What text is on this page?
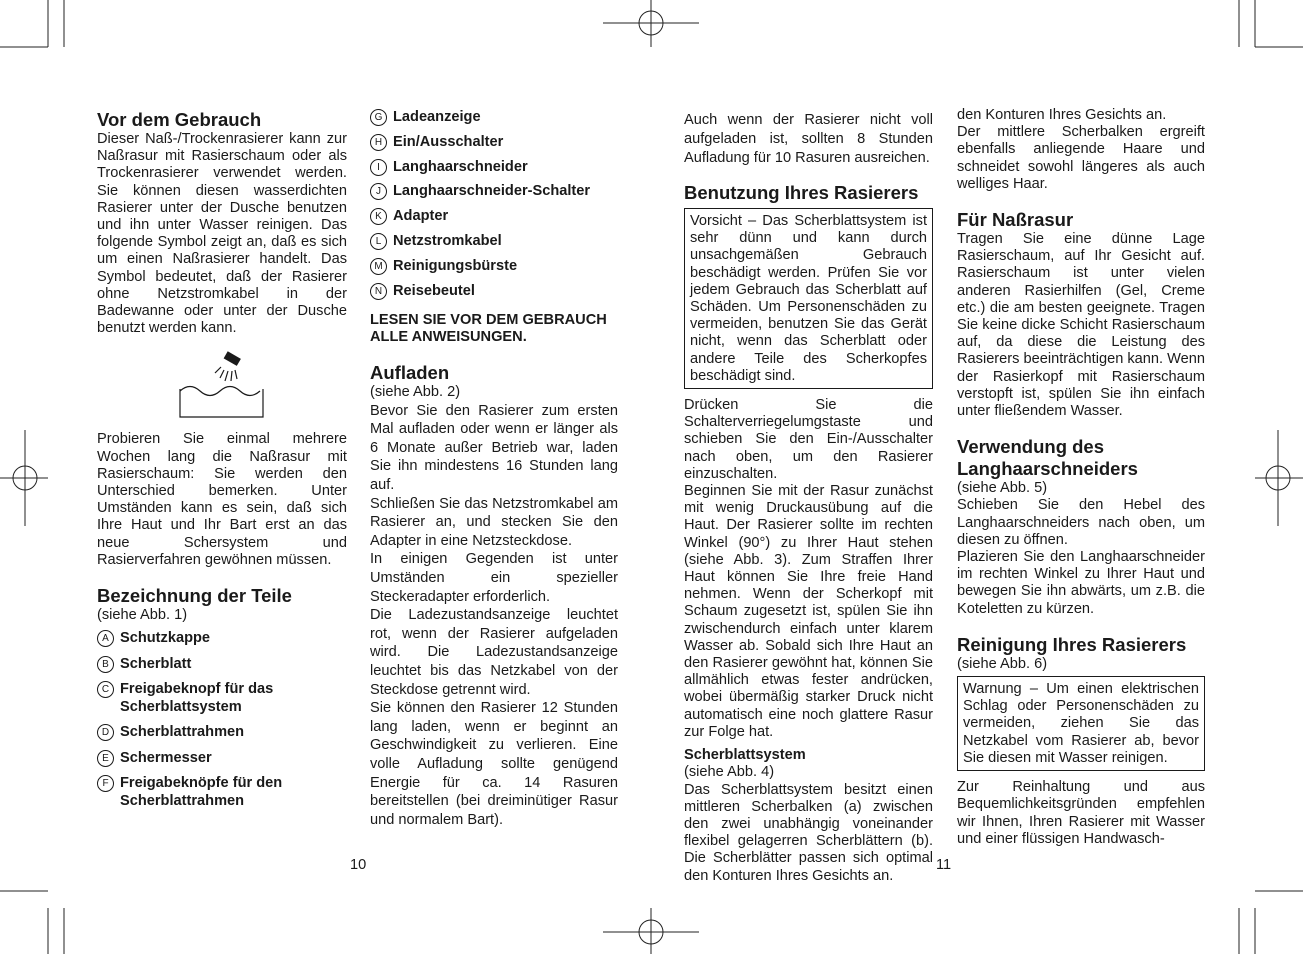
Vor dem Gebrauch

Dieser Naß-/Trockenrasierer kann zur Naßrasur mit Rasierschaum oder als Trockenrasierer verwendet werden. Sie können diesen wasserdichten Rasierer unter der Dusche benutzen und ihn unter Wasser reinigen. Das folgende Symbol zeigt an, daß es sich um einen Naßrasierer handelt. Das Symbol bedeutet, daß der Rasierer ohne Netzstromkabel in der Badewanne oder unter der Dusche benutzt werden kann.

Probieren Sie einmal mehrere Wochen lang die Naßrasur mit Rasierschaum: Sie werden den Unterschied bemerken. Unter Umständen kann es sein, daß sich Ihre Haut und Ihr Bart erst an das neue Schersystem und Rasierverfahren gewöhnen müssen.

Bezeichnung der Teile

(siehe Abb. 1)

A Schutzkappe
B Scherblatt
C Freigabeknopf für das Scherblattsystem
D Scherblattrahmen
E Schermesser
F Freigabeknöpfe für den Scherblattrahmen
G Ladeanzeige
H Ein/Ausschalter
I Langhaarschneider
J Langhaarschneider-Schalter
K Adapter
L Netzstromkabel
M Reinigungsbürste
N Reisebeutel

LESEN SIE VOR DEM GEBRAUCH ALLE ANWEISUNGEN.

Aufladen

(siehe Abb. 2)

Bevor Sie den Rasierer zum ersten Mal aufladen oder wenn er länger als 6 Monate außer Betrieb war, laden Sie ihn mindestens 16 Stunden lang auf.

Schließen Sie das Netzstromkabel am Rasierer an, und stecken Sie den Adapter in eine Netzsteckdose.

In einigen Gegenden ist unter Umständen ein spezieller Steckeradapter erforderlich.

Die Ladezustandsanzeige leuchtet rot, wenn der Rasierer aufgeladen wird. Die Ladezustandsanzeige leuchtet bis das Netzkabel von der Steckdose getrennt wird.

Sie können den Rasierer 12 Stunden lang laden, wenn er beginnt an Geschwindigkeit zu verlieren. Eine volle Aufladung sollte genügend Energie für ca. 14 Rasuren bereitstellen (bei dreiminütiger Rasur und normalem Bart).

10

Auch wenn der Rasierer nicht voll aufgeladen ist, sollten 8 Stunden Aufladung für 10 Rasuren ausreichen.

Benutzung Ihres Rasierers

Vorsicht – Das Scherblattsystem ist sehr dünn und kann durch unsachgemäßen Gebrauch beschädigt werden. Prüfen Sie vor jedem Gebrauch das Scherblatt auf Schäden. Um Personenschäden zu vermeiden, benutzen Sie das Gerät nicht, wenn das Scherblatt oder andere Teile des Scherkopfes beschädigt sind.

Drücken Sie die Schalterverriegelumgstaste und schieben Sie den Ein-/Ausschalter nach oben, um den Rasierer einzuschalten.

Beginnen Sie mit der Rasur zunächst mit wenig Druckausübung auf die Haut. Der Rasierer sollte im rechten Winkel (90°) zu Ihrer Haut stehen (siehe Abb. 3). Zum Straffen Ihrer Haut können Sie Ihre freie Hand nehmen. Wenn der Scherkopf mit Schaum zugesetzt ist, spülen Sie ihn zwischendurch einfach unter klarem Wasser ab. Sobald sich Ihre Haut an den Rasierer gewöhnt hat, können Sie allmählich etwas fester andrücken, wobei übermäßig starker Druck nicht automatisch eine noch glattere Rasur zur Folge hat.

Scherblattsystem

(siehe Abb. 4)

Das Scherblattsystem besitzt einen mittleren Scherbalken (a) zwischen den zwei unabhängig voneinander flexibel gelagerren Scherblättern (b). Die Scherblätter passen sich optimal den Konturen Ihres Gesichts an.

11

den Konturen Ihres Gesichts an.

Der mittlere Scherbalken ergreift ebenfalls anliegende Haare und schneidet sowohl längeres als auch welliges Haar.

Für Naßrasur

Tragen Sie eine dünne Lage Rasierschaum, auf Ihr Gesicht auf. Rasierschaum ist unter vielen anderen Rasierhilfen (Gel, Creme etc.) die am besten geeignete. Tragen Sie keine dicke Schicht Rasierschaum auf, da diese die Leistung des Rasierers beeinträchtigen kann. Wenn der Rasierkopf mit Rasierschaum verstopft ist, spülen Sie ihn einfach unter fließendem Wasser.

Verwendung des Langhaarschneiders

(siehe Abb. 5)

Schieben Sie den Hebel des Langhaarschneiders nach oben, um diesen zu öffnen.

Plazieren Sie den Langhaarschneider im rechten Winkel zu Ihrer Haut und bewegen Sie ihn abwärts, um z.B. die Koteletten zu kürzen.

Reinigung Ihres Rasierers

(siehe Abb. 6)

Warnung – Um einen elektrischen Schlag oder Personenschäden zu vermeiden, ziehen Sie das Netzkabel vom Rasierer ab, bevor Sie diesen mit Wasser reinigen.

Zur Reinhaltung und aus Bequemlichkeitsgründen empfehlen wir Ihnen, Ihren Rasierer mit Wasser und einer flüssigen Handwasch-
